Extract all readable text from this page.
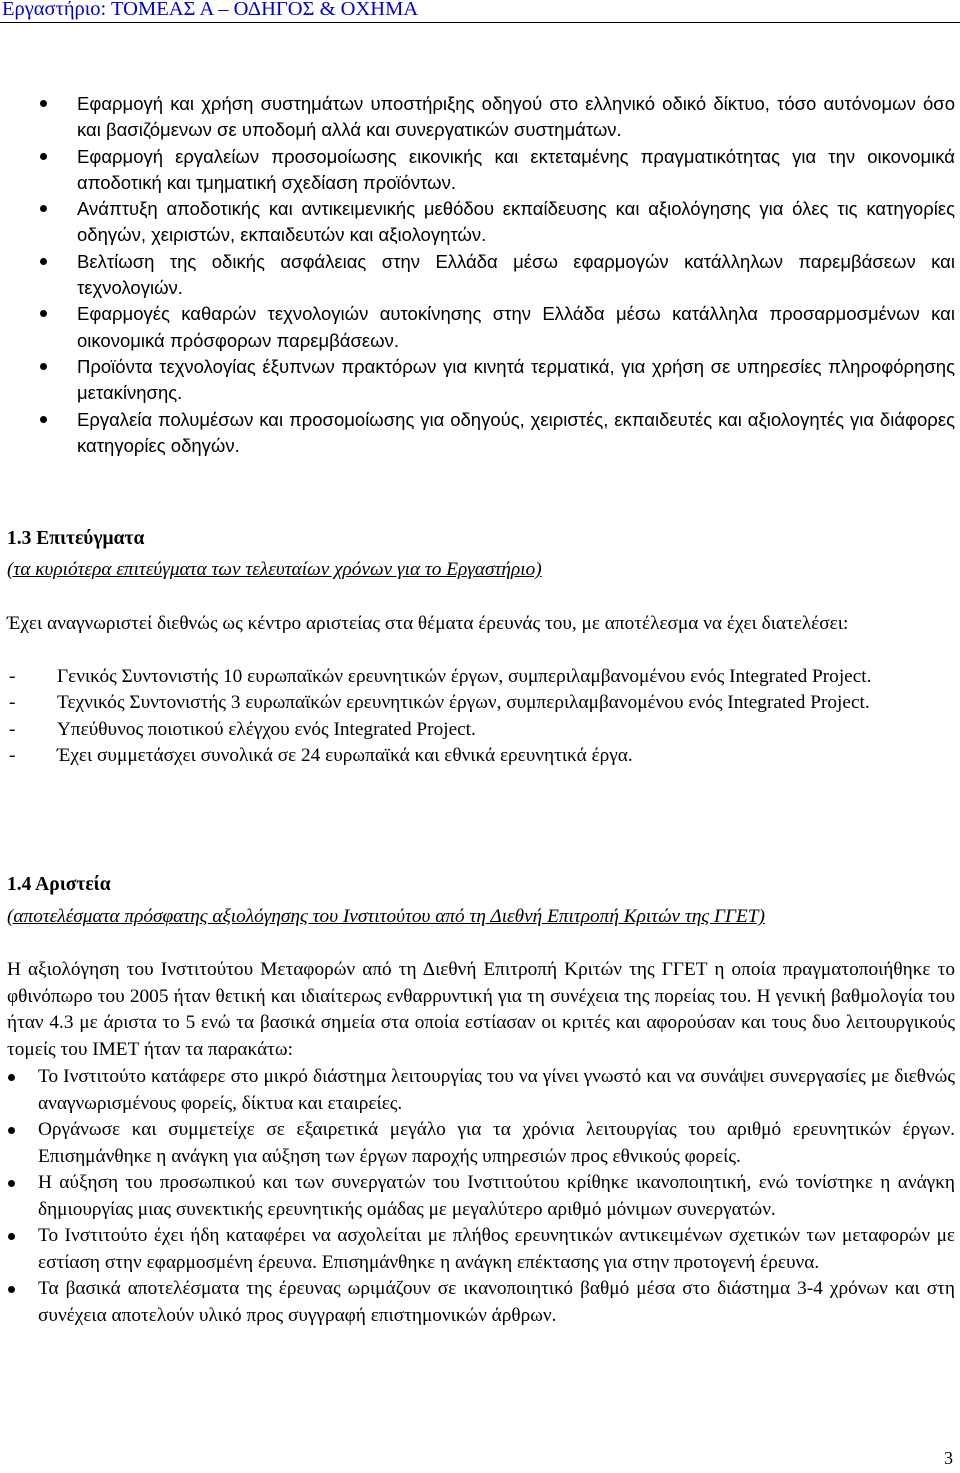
Εργαστήριο: ΤΟΜΕΑΣ Α – ΟΔΗΓΟΣ & ΟΧΗΜΑ
Εφαρμογή και χρήση συστημάτων υποστήριξης οδηγού στο ελληνικό οδικό δίκτυο, τόσο αυτόνομων όσο και βασιζόμενων σε υποδομή αλλά και συνεργατικών συστημάτων.
Εφαρμογή εργαλείων προσομοίωσης εικονικής και εκτεταμένης πραγματικότητας για την οικονομικά αποδοτική και τμηματική σχεδίαση προϊόντων.
Ανάπτυξη αποδοτικής και αντικειμενικής μεθόδου εκπαίδευσης και αξιολόγησης για όλες τις κατηγορίες οδηγών, χειριστών, εκπαιδευτών και αξιολογητών.
Βελτίωση της οδικής ασφάλειας στην Ελλάδα μέσω εφαρμογών κατάλληλων παρεμβάσεων και τεχνολογιών.
Εφαρμογές καθαρών τεχνολογιών αυτοκίνησης στην Ελλάδα μέσω κατάλληλα προσαρμοσμένων και οικονομικά πρόσφορων παρεμβάσεων.
Προϊόντα τεχνολογίας έξυπνων πρακτόρων για κινητά τερματικά, για χρήση σε υπηρεσίες πληροφόρησης μετακίνησης.
Εργαλεία πολυμέσων και προσομοίωσης για οδηγούς, χειριστές, εκπαιδευτές και αξιολογητές για διάφορες κατηγορίες οδηγών.
1.3 Επιτεύγματα
(τα κυριότερα επιτεύγματα των τελευταίων χρόνων για το Εργαστήριο)
Έχει αναγνωριστεί διεθνώς ως κέντρο αριστείας στα θέματα έρευνάς του, με αποτέλεσμα να έχει διατελέσει:
- Γενικός Συντονιστής 10 ευρωπαϊκών ερευνητικών έργων, συμπεριλαμβανομένου ενός Integrated Project.
- Τεχνικός Συντονιστής 3 ευρωπαϊκών ερευνητικών έργων, συμπεριλαμβανομένου ενός Integrated Project.
- Υπεύθυνος ποιοτικού ελέγχου ενός Integrated Project.
- Έχει συμμετάσχει συνολικά σε 24 ευρωπαϊκά και εθνικά ερευνητικά έργα.
1.4 Αριστεία
(αποτελέσματα πρόσφατης αξιολόγησης του Ινστιτούτου από τη Διεθνή Επιτροπή Κριτών της ΓΓΕΤ)
Η αξιολόγηση του Ινστιτούτου Μεταφορών από τη Διεθνή Επιτροπή Κριτών της ΓΓΕΤ η οποία πραγματοποιήθηκε το φθινόπωρο του 2005 ήταν θετική και ιδιαίτερως ενθαρρυντική για τη συνέχεια της πορείας του. Η γενική βαθμολογία του ήταν 4.3 με άριστα το 5 ενώ τα βασικά σημεία στα οποία εστίασαν οι κριτές και αφορούσαν και τους δυο λειτουργικούς τομείς του ΙΜΕΤ ήταν τα παρακάτω:
Το Ινστιτούτο κατάφερε στο μικρό διάστημα λειτουργίας του να γίνει γνωστό και να συνάψει συνεργασίες με διεθνώς αναγνωρισμένους φορείς, δίκτυα και εταιρείες.
Οργάνωσε και συμμετείχε σε εξαιρετικά μεγάλο για τα χρόνια λειτουργίας του αριθμό ερευνητικών έργων. Επισημάνθηκε η ανάγκη για αύξηση των έργων παροχής υπηρεσιών προς εθνικούς φορείς.
Η αύξηση του προσωπικού και των συνεργατών του Ινστιτούτου κρίθηκε ικανοποιητική, ενώ τονίστηκε η ανάγκη δημιουργίας μιας συνεκτικής ερευνητικής ομάδας με μεγαλύτερο αριθμό μόνιμων συνεργατών.
Το Ινστιτούτο έχει ήδη καταφέρει να ασχολείται με πλήθος ερευνητικών αντικειμένων σχετικών των μεταφορών με εστίαση στην εφαρμοσμένη έρευνα. Επισημάνθηκε η ανάγκη επέκτασης για στην προτογενή έρευνα.
Τα βασικά αποτελέσματα της έρευνας ωριμάζουν σε ικανοποιητικό βαθμό μέσα στο διάστημα 3-4 χρόνων και στη συνέχεια αποτελούν υλικό προς συγγραφή επιστημονικών άρθρων.
3
